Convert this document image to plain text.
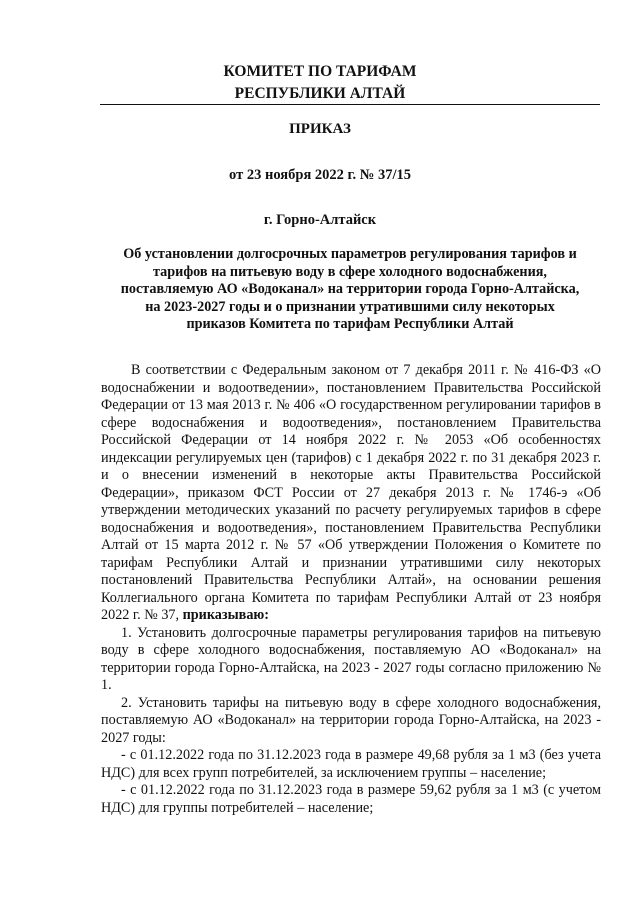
КОМИТЕТ ПО ТАРИФАМ
РЕСПУБЛИКИ АЛТАЙ
ПРИКАЗ
от 23 ноября 2022 г. № 37/15
г. Горно-Алтайск
Об установлении долгосрочных параметров регулирования тарифов и
тарифов на питьевую воду в сфере холодного водоснабжения,
поставляемую АО «Водоканал» на территории города Горно-Алтайска,
на 2023-2027 годы и о признании утратившими силу некоторых
приказов Комитета по тарифам Республики Алтай

В соответствии с Федеральным законом от 7 декабря 2011 г. № 416-ФЗ «О водоснабжении и водоотведении», постановлением Правительства Российской Федерации от 13 мая 2013 г. № 406 «О государственном регулировании тарифов в сфере водоснабжения и водоотведения», постановлением Правительства Российской Федерации от 14 ноября 2022 г. № 2053 «Об особенностях индексации регулируемых цен (тарифов) с 1 декабря 2022 г. по 31 декабря 2023 г. и о внесении изменений в некоторые акты Правительства Российской Федерации», приказом ФСТ России от 27 декабря 2013 г. № 1746-э «Об утверждении методических указаний по расчету регулируемых тарифов в сфере водоснабжения и водоотведения», постановлением Правительства Республики Алтай от 15 марта 2012 г. № 57 «Об утверждении Положения о Комитете по тарифам Республики Алтай и признании утратившими силу некоторых постановлений Правительства Республики Алтай», на основании решения Коллегиального органа Комитета по тарифам Республики Алтай от 23 ноября 2022 г. № 37, приказываю:

1. Установить долгосрочные параметры регулирования тарифов на питьевую воду в сфере холодного водоснабжения, поставляемую АО «Водоканал» на территории города Горно-Алтайска, на 2023 - 2027 годы согласно приложению № 1.

2. Установить тарифы на питьевую воду в сфере холодного водоснабжения, поставляемую АО «Водоканал» на территории города Горно-Алтайска, на 2023 - 2027 годы:

- с 01.12.2022 года по 31.12.2023 года в размере 49,68 рубля за 1 м3 (без учета НДС) для всех групп потребителей, за исключением группы – население;

- с 01.12.2022 года по 31.12.2023 года в размере 59,62 рубля за 1 м3 (с учетом НДС) для группы потребителей – население;
